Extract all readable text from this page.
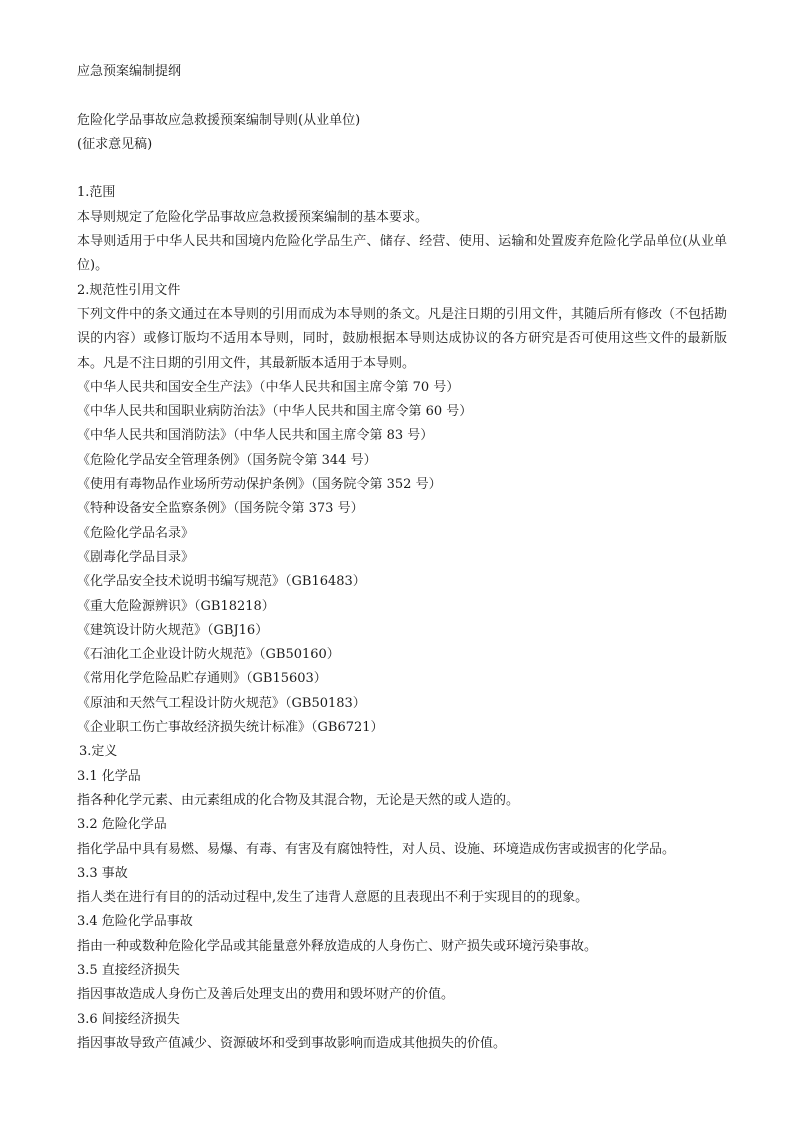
应急预案编制提纲
危险化学品事故应急救援预案编制导则(从业单位)
(征求意见稿)
1.范围
本导则规定了危险化学品事故应急救援预案编制的基本要求。
本导则适用于中华人民共和国境内危险化学品生产、储存、经营、使用、运输和处置废弃危险化学品单位(从业单位)。
2.规范性引用文件
下列文件中的条文通过在本导则的引用而成为本导则的条文。凡是注日期的引用文件，其随后所有修改（不包括勘误的内容）或修订版均不适用本导则，同时，鼓励根据本导则达成协议的各方研究是否可使用这些文件的最新版本。凡是不注日期的引用文件，其最新版本适用于本导则。
《中华人民共和国安全生产法》（中华人民共和国主席令第 70 号）
《中华人民共和国职业病防治法》（中华人民共和国主席令第 60 号）
《中华人民共和国消防法》（中华人民共和国主席令第 83 号）
《危险化学品安全管理条例》（国务院令第 344 号）
《使用有毒物品作业场所劳动保护条例》（国务院令第 352 号）
《特种设备安全监察条例》（国务院令第 373 号）
《危险化学品名录》
《剧毒化学品目录》
《化学品安全技术说明书编写规范》（GB16483）
《重大危险源辨识》（GB18218）
《建筑设计防火规范》（GBJ16）
《石油化工企业设计防火规范》（GB50160）
《常用化学危险品贮存通则》（GB15603）
《原油和天然气工程设计防火规范》（GB50183）
《企业职工伤亡事故经济损失统计标准》（GB6721）
3.定义
3.1 化学品
指各种化学元素、由元素组成的化合物及其混合物，无论是天然的或人造的。
3.2 危险化学品
指化学品中具有易燃、易爆、有毒、有害及有腐蚀特性，对人员、设施、环境造成伤害或损害的化学品。
3.3 事故
指人类在进行有目的的活动过程中,发生了违背人意愿的且表现出不利于实现目的的现象。
3.4 危险化学品事故
指由一种或数种危险化学品或其能量意外释放造成的人身伤亡、财产损失或环境污染事故。
3.5 直接经济损失
指因事故造成人身伤亡及善后处理支出的费用和毁坏财产的价值。
3.6 间接经济损失
指因事故导致产值减少、资源破坏和受到事故影响而造成其他损失的价值。
